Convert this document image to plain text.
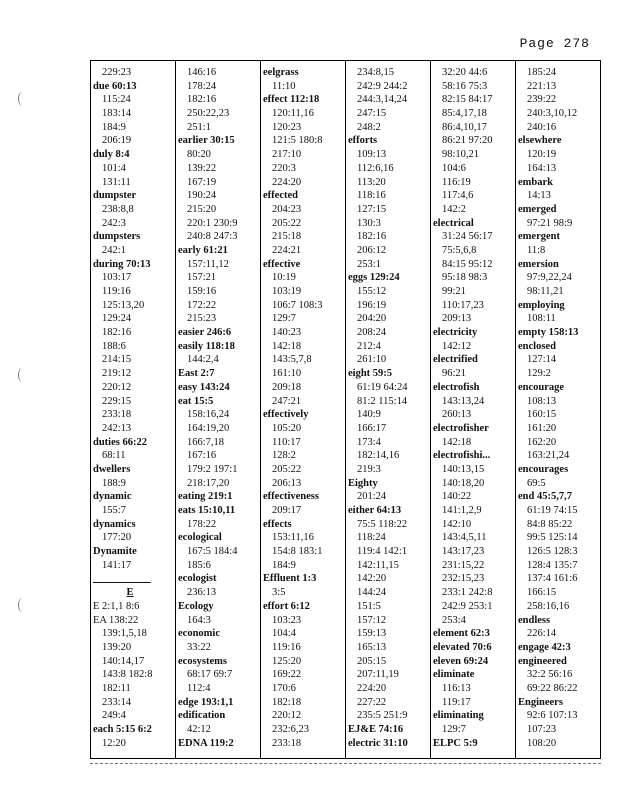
Page 278
229:23
due 60:13
115:24
183:14
184:9
206:19
duly 8:4
101:4
131:11
dumpster
238:8,8
242:3
dumpsters
242:1
during 70:13
103:17
119:16
125:13,20
129:24
182:16
188:6
214:15
219:12
220:12
229:15
233:18
242:13
duties 66:22
68:11
dwellers
188:9
dynamic
155:7
dynamics
177:20
Dynamite
141:17

E
E 2:1,1 8:6
EA 138:22
139:1,5,18
139:20
140:14,17
143:8 182:8
182:11
233:14
249:4
each 5:15 6:2
12:20
146:16
178:24
182:16
250:22,23
251:1
earlier 30:15
80:20
139:22
167:19
190:24
215:20
220:1 230:9
240:8 247:3
early 61:21
157:11,12
157:21
159:16
172:22
215:23
easier 246:6
easily 118:18
144:2,4
East 2:7
easy 143:24
eat 15:5
158:16,24
164:19,20
166:7,18
167:16
179:2 197:1
218:17,20
eating 219:1
eats 15:10,11
178:22
ecological
167:5 184:4
185:6
ecologist
236:13
Ecology
164:3
economic
33:22
ecosystems
68:17 69:7
112:4
edge 193:1,1
edification
42:12
EDNA 119:2
eelgrass
11:10
effect 112:18
120:11,16
120:23
121:5 180:8
217:10
220:3
224:20
effected
204:23
205:22
215:18
224:21
effective
10:19
103:19
106:7 108:3
129:7
140:23
142:18
143:5,7,8
161:10
209:18
247:21
effectively
105:20
110:17
128:2
205:22
206:13
effectiveness
209:17
effects
153:11,16
154:8 183:1
184:9
Effluent 1:3
3:5
effort 6:12
103:23
104:4
119:16
125:20
169:22
170:6
182:18
220:12
232:6,23
233:18
234:8,15
242:9 244:2
244:3,14,24
247:15
248:2
efforts
109:13
112:6,16
113:20
118:16
127:15
130:3
182:16
206:12
253:1
eggs 129:24
155:12
196:19
204:20
208:24
212:4
261:10
eight 59:5
61:19 64:24
81:2 115:14
140:9
166:17
173:4
182:14,16
219:3
Eighty
201:24
either 64:13
75:5 118:22
118:24
119:4 142:1
142:11,15
142:20
144:24
151:5
157:12
159:13
165:13
205:15
207:11,19
224:20
227:22
235:5 251:9
EJ&E 74:16
electric 31:10
32:20 44:6
58:16 75:3
82:15 84:17
85:4,17,18
86:4,10,17
86:21 97:20
98:10,21
104:6
116:19
117:4,6
142:2
electrical
31:24 56:17
75:5,6,8
84:15 95:12
95:18 98:3
99:21
110:17,23
209:13
electricity
142:12
electrified
96:21
electrofish
143:13,24
260:13
electrofisher
142:18
electrofishi...
140:13,15
140:18,20
140:22
141:1,2,9
142:10
143:4,5,11
143:17,23
231:15,22
232:15,23
233:1 242:8
242:9 253:1
253:4
element 62:3
elevated 70:6
eleven 69:24
eliminate
116:13
119:17
eliminating
129:7
ELPC 5:9
185:24
221:13
239:22
240:3,10,12
240:16
elsewhere
120:19
164:13
embark
14:13
emerged
97:21 98:9
emergent
11:8
emersion
97:9,22,24
98:11,21
employing
108:11
empty 158:13
enclosed
127:14
129:2
encourage
108:13
160:15
161:20
162:20
163:21,24
encourages
69:5
end 45:5,7,7
61:19 74:15
84:8 85:22
99:5 125:14
126:5 128:3
128:4 135:7
137:4 161:6
166:15
258:16,16
endless
226:14
engage 42:3
engineered
32:2 56:16
69:22 86:22
Engineers
92:6 107:13
107:23
108:20
